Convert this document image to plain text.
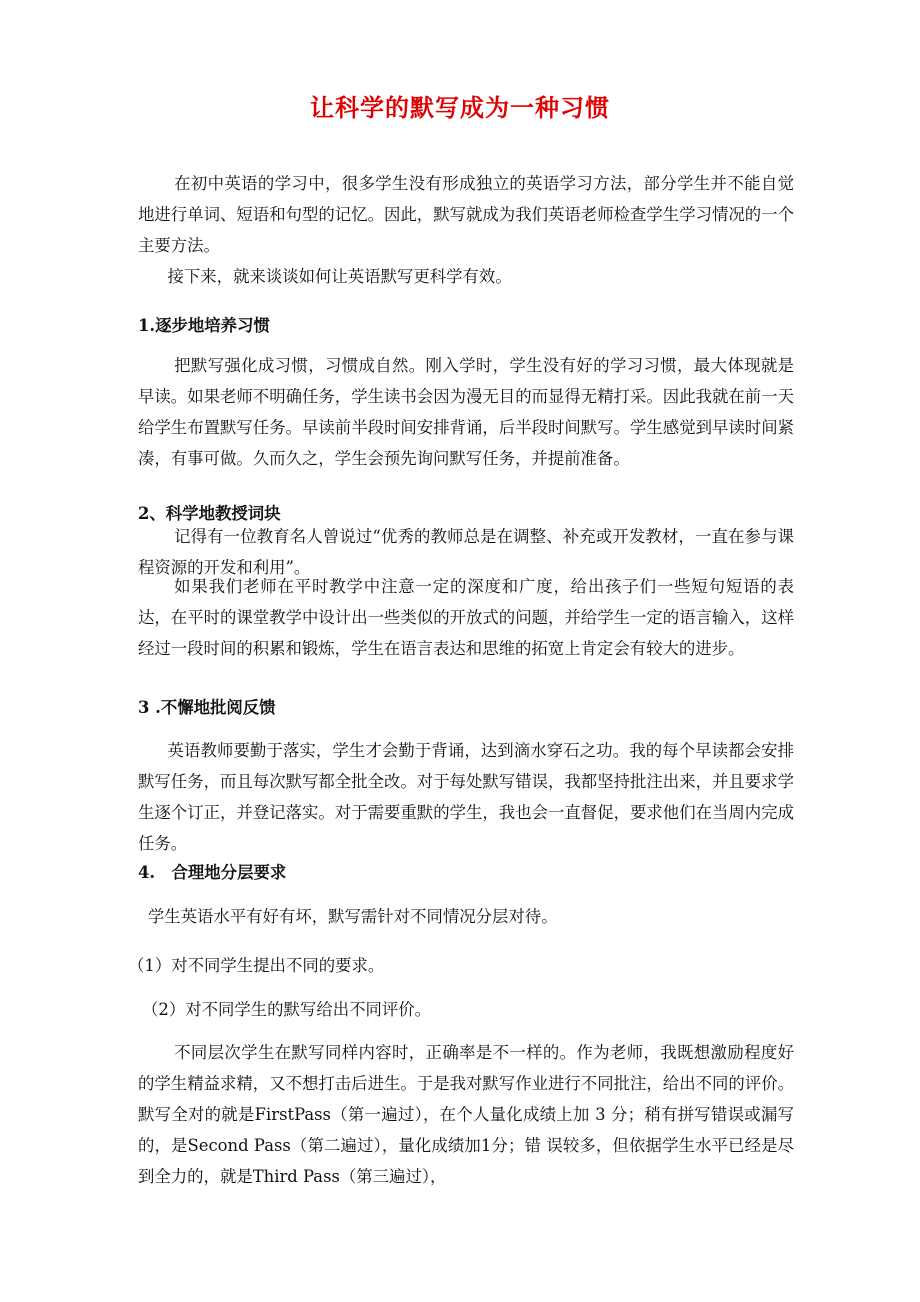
让科学的默写成为一种习惯

在初中英语的学习中，很多学生没有形成独立的英语学习方法，部分学生并不能自觉地进行单词、短语和句型的记忆。因此，默写就成为我们英语老师检查学生学习情况的一个主要方法。

接下来，就来谈谈如何让英语默写更科学有效。

1.逐步地培养习惯

把默写强化成习惯，习惯成自然。刚入学时，学生没有好的学习习惯，最大体现就是早读。如果老师不明确任务，学生读书会因为漫无目的而显得无精打采。因此我就在前一天给学生布置默写任务。早读前半段时间安排背诵，后半段时间默写。学生感觉到早读时间紧凑，有事可做。久而久之，学生会预先询问默写任务，并提前准备。

2、科学地教授词块

记得有一位教育名人曾说过“优秀的教师总是在调整、补充或开发教材，一直在参与课程资源的开发和利用”。

如果我们老师在平时教学中注意一定的深度和广度，给出孩子们一些短句短语的表达，在平时的课堂教学中设计出一些类似的开放式的问题，并给学生一定的语言输入，这样经过一段时间的积累和锻炼，学生在语言表达和思维的拓宽上肯定会有较大的进步。

3 .不懈地批阅反馈

英语教师要勤于落实，学生才会勤于背诵，达到滴水穿石之功。我的每个早读都会安排默写任务，而且每次默写都全批全改。对于每处默写错误，我都坚持批注出来，并且要求学生逐个订正，并登记落实。对于需要重默的学生，我也会一直督促，要求他们在当周内完成任务。

4.　合理地分层要求

学生英语水平有好有坏，默写需针对不同情况分层对待。

（1）对不同学生提出不同的要求。

（2）对不同学生的默写给出不同评价。

不同层次学生在默写同样内容时，正确率是不一样的。作为老师，我既想激励程度好的学生精益求精，又不想打击后进生。于是我对默写作业进行不同批注，给出不同的评价。默写全对的就是FirstPass（第一遍过），在个人量化成绩上加 3 分；稍有拼写错误或漏写的，是Second Pass（第二遍过），量化成绩加1分；错 误较多，但依据学生水平已经是尽到全力的，就是Third Pass（第三遍过），
